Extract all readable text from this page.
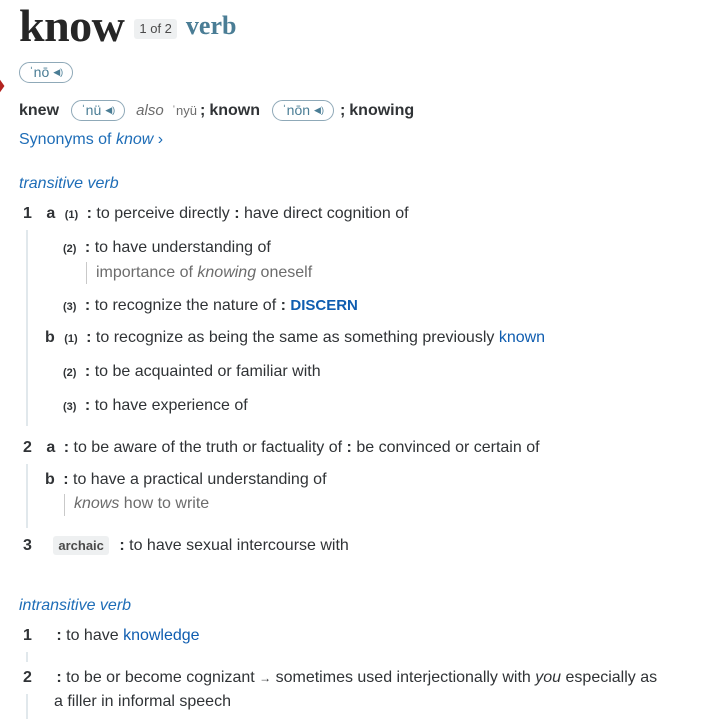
know	1 of 2 verb
ˈnō ◀︎)
knew ˈnü ◀︎) also ˈnyü ; known ˈnōn ◀︎) ; knowing
Synonyms of know ›
transitive verb
1 a (1) : to perceive directly : have direct cognition of
(2) : to have understanding of
importance of knowing oneself
(3) : to recognize the nature of : DISCERN
b (1) : to recognize as being the same as something previously known
(2) : to be acquainted or familiar with
(3) : to have experience of
2 a : to be aware of the truth or factuality of : be convinced or certain of
b : to have a practical understanding of
knows how to write
3 archaic : to have sexual intercourse with
intransitive verb
1 : to have knowledge
2 : to be or become cognizant → sometimes used interjectionally with you especially as
a filler in informal speech
